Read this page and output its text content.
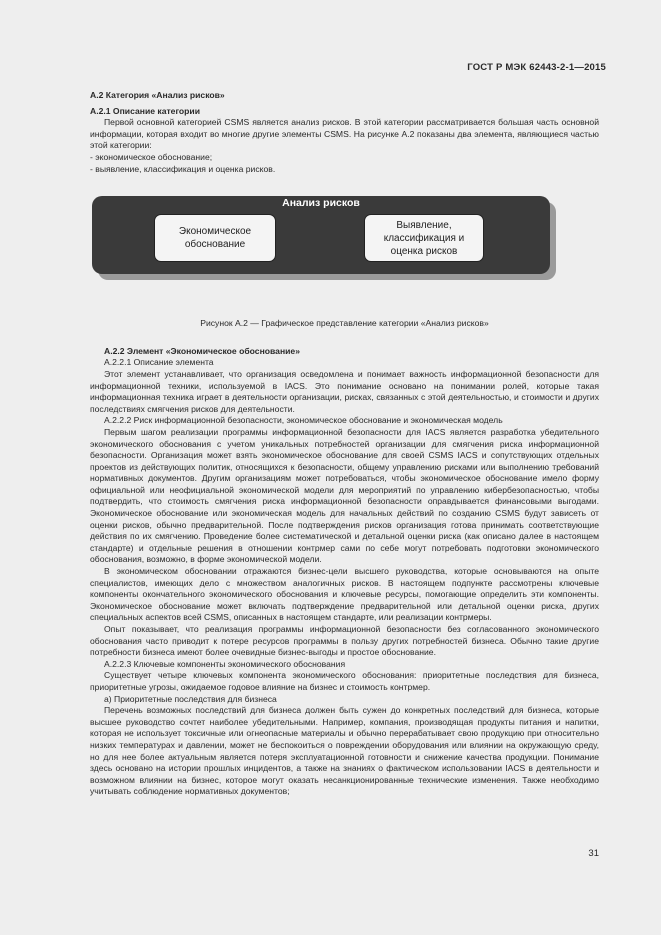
ГОСТ Р МЭК 62443-2-1—2015

A.2 Категория «Анализ рисков»

A.2.1 Описание категории

Первой основной категорией CSMS является анализ рисков. В этой категории рассматривается большая часть основной информации, которая входит во многие другие элементы CSMS. На рисунке А.2 показаны два элемента, являющиеся частью этой категории:

- экономическое обоснование;
- выявление, классификация и оценка рисков.
Анализ рисков
Экономическое обоснование
Выявление, классификация и оценка рисков

Рисунок А.2 — Графическое представление категории «Анализ рисков»

А.2.2 Элемент «Экономическое обоснование»

А.2.2.1 Описание элемента

Этот элемент устанавливает, что организация осведомлена и понимает важность информационной безопасности для информационной техники, используемой в IACS. Это понимание основано на понимании ролей, которые такая информационная техника играет в деятельности организации, рисках, связанных с этой деятельностью, и стоимости и других последствиях смягчения рисков для деятельности.

А.2.2.2 Риск информационной безопасности, экономическое обоснование и экономическая модель

Первым шагом реализации программы информационной безопасности для IACS является разработка убедительного экономического обоснования с учетом уникальных потребностей организации для смягчения риска информационной безопасности. Организация может взять экономическое обоснование для своей CSMS IACS и сопутствующих отдельных проектов из действующих политик, относящихся к безопасности, общему управлению рисками или выполнению требований нормативных документов. Другим организациям может потребоваться, чтобы экономическое обоснование имело форму официальной или неофициальной экономической модели для мероприятий по управлению кибербезопасностью, чтобы подтвердить, что стоимость смягчения риска информационной безопасности оправдывается финансовыми выгодами. Экономическое обоснование или экономическая модель для начальных действий по созданию CSMS будут зависеть от оценки рисков, обычно предварительной. После подтверждения рисков организация готова принимать соответствующие действия по их смягчению. Проведение более систематической и детальной оценки риска (как описано далее в настоящем стандарте) и отдельные решения в отношении контрмер сами по себе могут потребовать подготовки экономического обоснования, возможно, в форме экономической модели.

В экономическом обосновании отражаются бизнес-цели высшего руководства, которые основываются на опыте специалистов, имеющих дело с множеством аналогичных рисков. В настоящем подпункте рассмотрены ключевые компоненты окончательного экономического обоснования и ключевые ресурсы, помогающие определить эти компоненты. Экономическое обоснование может включать подтверждение предварительной или детальной оценки риска, других специальных аспектов всей CSMS, описанных в настоящем стандарте, или реализации контрмеры.

Опыт показывает, что реализация программы информационной безопасности без согласованного экономического обоснования часто приводит к потере ресурсов программы в пользу других потребностей бизнеса. Обычно такие другие потребности бизнеса имеют более очевидные бизнес-выгоды и простое обоснование.

А.2.2.3 Ключевые компоненты экономического обоснования

Существует четыре ключевых компонента экономического обоснования: приоритетные последствия для бизнеса, приоритетные угрозы, ожидаемое годовое влияние на бизнес и стоимость контрмер.

а) Приоритетные последствия для бизнеса

Перечень возможных последствий для бизнеса должен быть сужен до конкретных последствий для бизнеса, которые высшее руководство сочтет наиболее убедительными. Например, компания, производящая продукты питания и напитки, которая не использует токсичные или огнеопасные материалы и обычно перерабатывает свою продукцию при относительно низких температурах и давлении, может не беспокоиться о повреждении оборудования или влиянии на окружающую среду, но для нее более актуальным является потеря эксплуатационной готовности и снижение качества продукции. Понимание здесь основано на истории прошлых инцидентов, а также на знаниях о фактическом использовании IACS в деятельности и возможном влиянии на бизнес, которое могут оказать несанкционированные технические изменения. Также необходимо учитывать соблюдение нормативных документов;

31
